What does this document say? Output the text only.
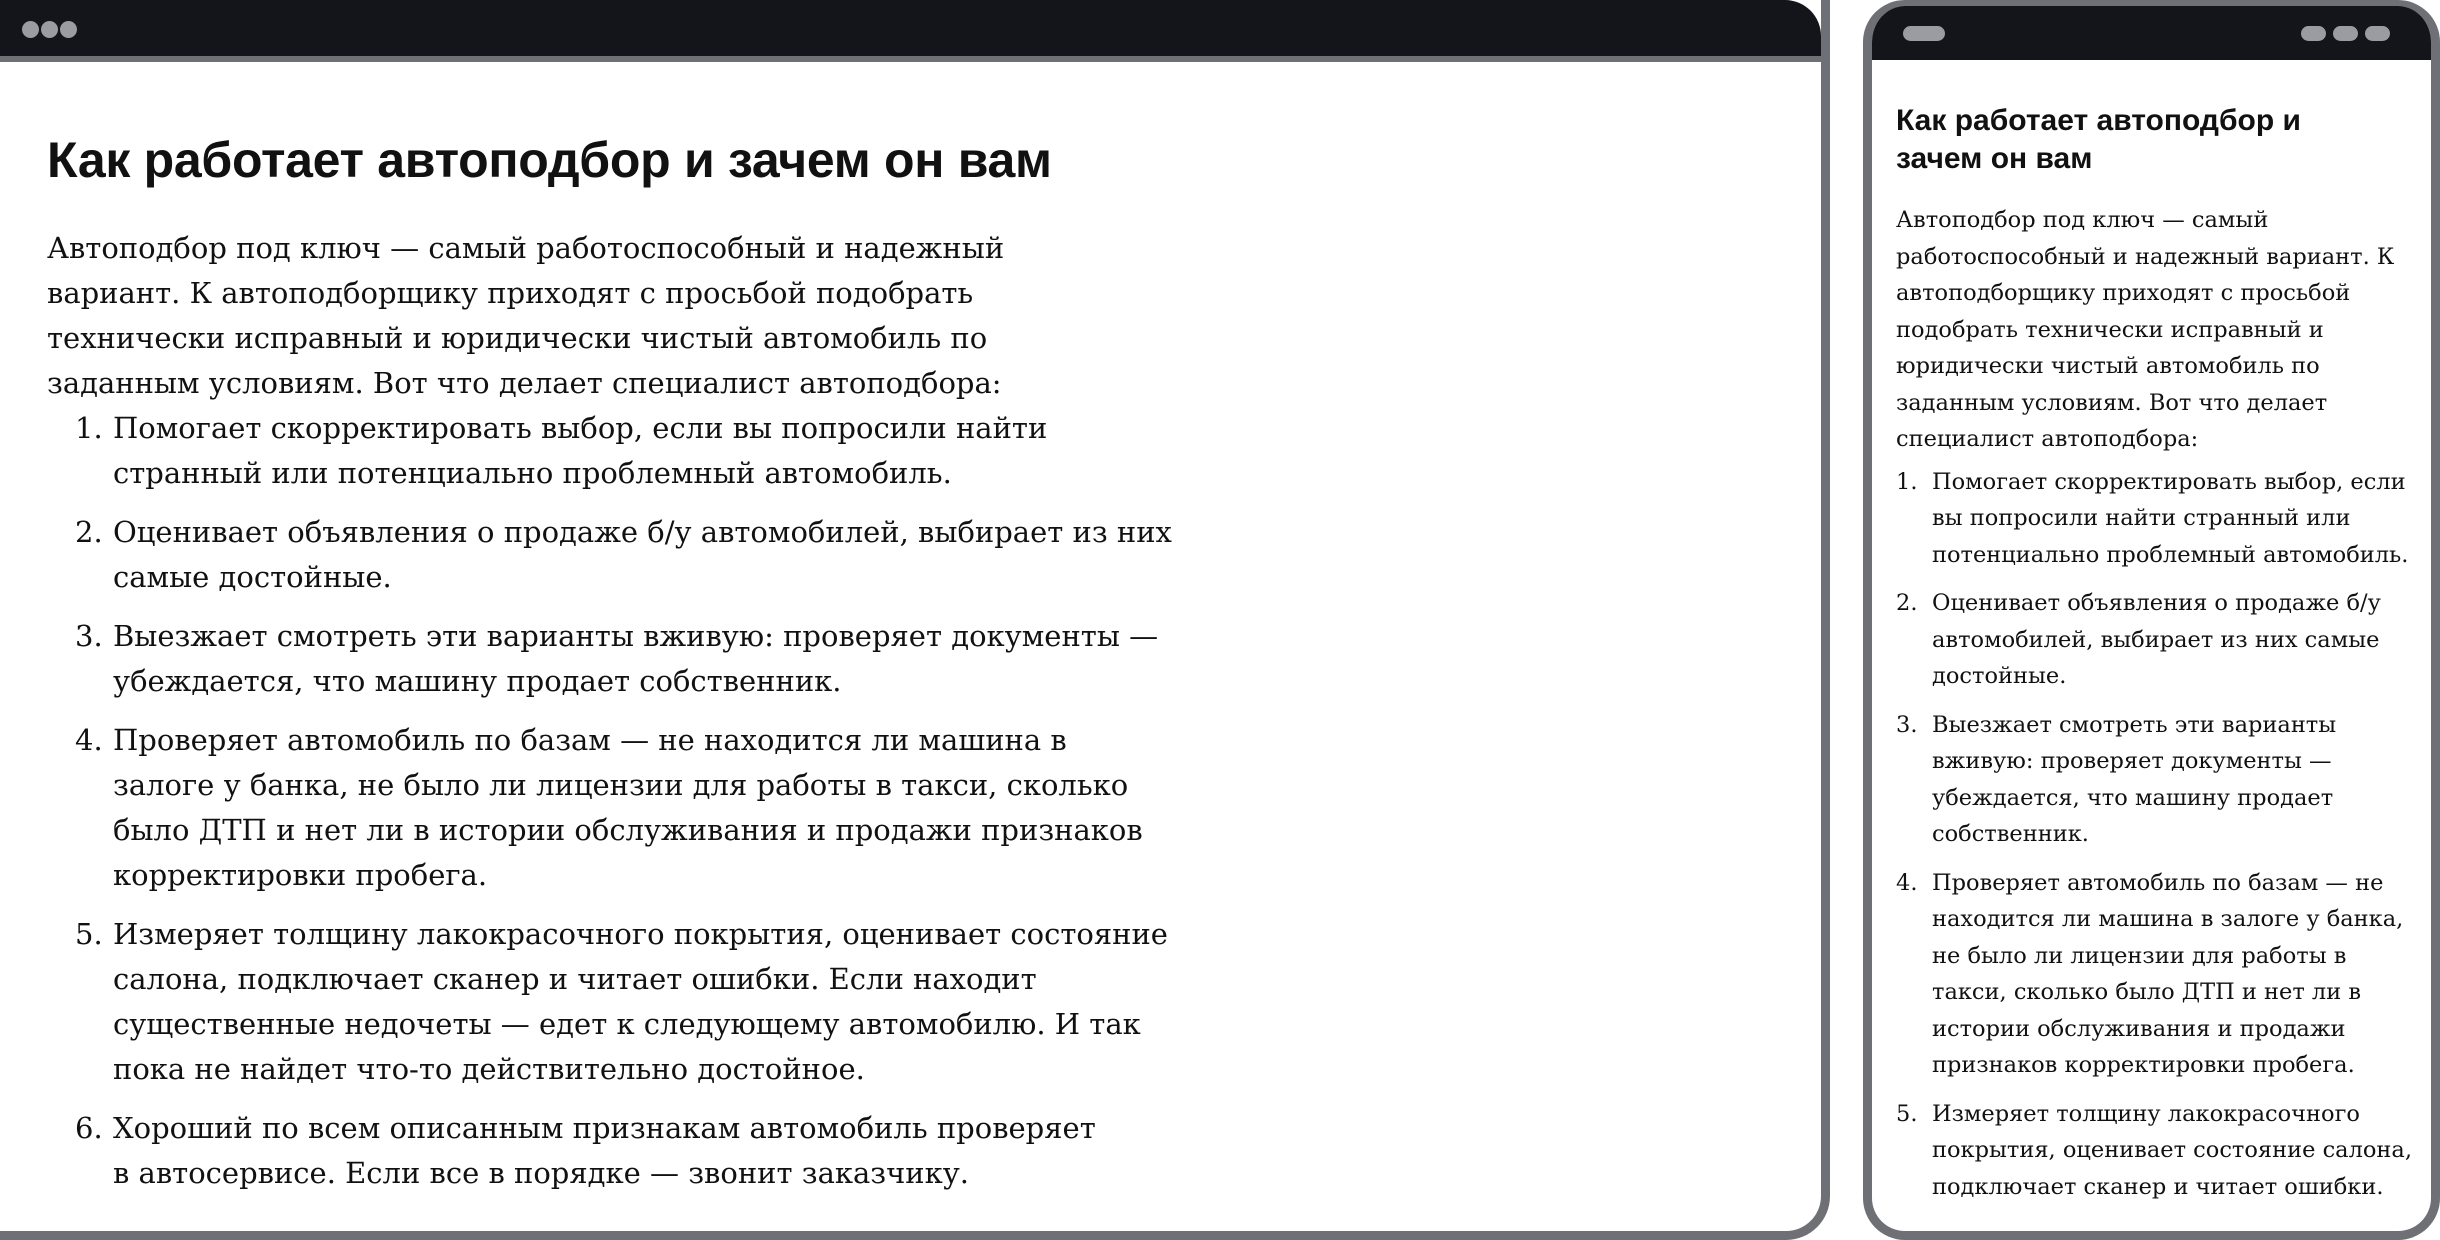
Как работает автоподбор и зачем он вам

Автоподбор под ключ — самый работоспособный и надежный вариант. К автоподборщику приходят с просьбой подобрать технически исправный и юридически чистый автомобиль по заданным условиям. Вот что делает специалист автоподбора:

1. Помогает скорректировать выбор, если вы попросили найти странный или потенциально проблемный автомобиль.
2. Оценивает объявления о продаже б/у автомобилей, выбирает из них самые достойные.
3. Выезжает смотреть эти варианты вживую: проверяет документы — убеждается, что машину продает собственник.
4. Проверяет автомобиль по базам — не находится ли машина в залоге у банка, не было ли лицензии для работы в такси, сколько было ДТП и нет ли в истории обслуживания и продажи признаков корректировки пробега.
5. Измеряет толщину лакокрасочного покрытия, оценивает состояние салона, подключает сканер и читает ошибки. Если находит существенные недочеты — едет к следующему автомобилю. И так пока не найдет что-то действительно достойное.
6. Хороший по всем описанным признакам автомобиль проверяет в автосервисе. Если все в порядке — звонит заказчику.
Как работает автоподбор и зачем он вам

Автоподбор под ключ — самый работоспособный и надежный вариант. К автоподборщику приходят с просьбой подобрать технически исправный и юридически чистый автомобиль по заданным условиям. Вот что делает специалист автоподбора:

1. Помогает скорректировать выбор, если вы попросили найти странный или потенциально проблемный автомобиль.
2. Оценивает объявления о продаже б/у автомобилей, выбирает из них самые достойные.
3. Выезжает смотреть эти варианты вживую: проверяет документы — убеждается, что машину продает собственник.
4. Проверяет автомобиль по базам — не находится ли машина в залоге у банка, не было ли лицензии для работы в такси, сколько было ДТП и нет ли в истории обслуживания и продажи признаков корректировки пробега.
5. Измеряет толщину лакокрасочного покрытия, оценивает состояние салона, подключает сканер и читает ошибки.
